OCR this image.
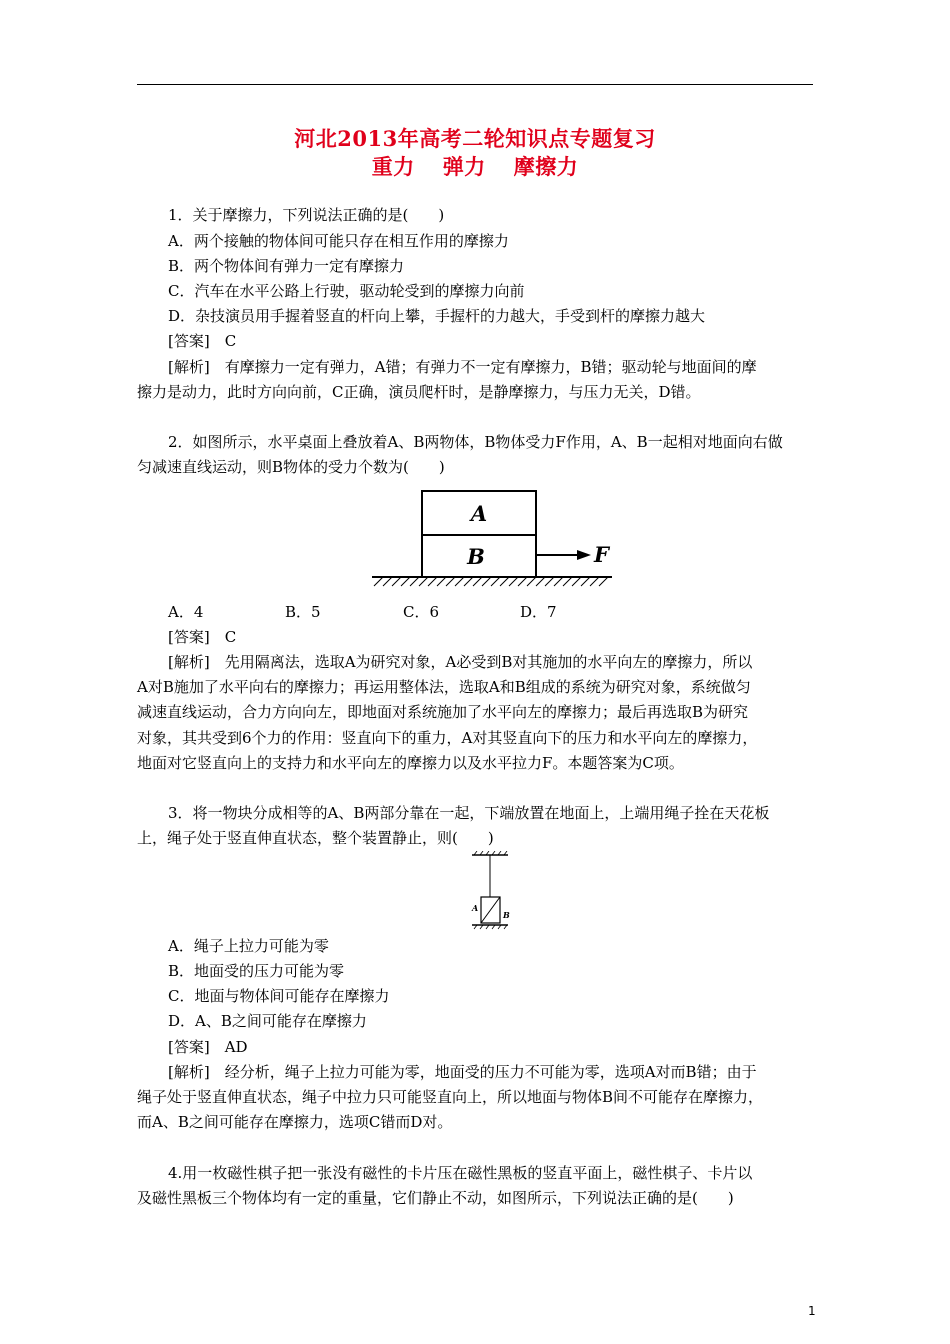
河北2013年高考二轮知识点专题复习
重力 弹力 摩擦力
1．关于摩擦力，下列说法正确的是(　　)
A．两个接触的物体间可能只存在相互作用的摩擦力
B．两个物体间有弹力一定有摩擦力
C．汽车在水平公路上行驶，驱动轮受到的摩擦力向前
D．杂技演员用手握着竖直的杆向上攀，手握杆的力越大，手受到杆的摩擦力越大
[答案]　C
[解析]　有摩擦力一定有弹力，A错；有弹力不一定有摩擦力，B错；驱动轮与地面间的摩
擦力是动力，此时方向向前，C正确，演员爬杆时，是静摩擦力，与压力无关，D错。
2．如图所示，水平桌面上叠放着A、B两物体，B物体受力F作用，A、B一起相对地面向右做
匀减速直线运动，则B物体的受力个数为(　　)
A
B	F
A．4	B．5	C．6	D．7
[答案]　C
[解析]　先用隔离法，选取A为研究对象，A必受到B对其施加的水平向左的摩擦力，所以
A对B施加了水平向右的摩擦力；再运用整体法，选取A和B组成的系统为研究对象，系统做匀
减速直线运动，合力方向向左，即地面对系统施加了水平向左的摩擦力；最后再选取B为研究
对象，其共受到6个力的作用：竖直向下的重力，A对其竖直向下的压力和水平向左的摩擦力，
地面对它竖直向上的支持力和水平向左的摩擦力以及水平拉力F。本题答案为C项。
3．将一物块分成相等的A、B两部分靠在一起，下端放置在地面上，上端用绳子拴在天花板
上，绳子处于竖直伸直状态，整个装置静止，则(　　)
A
B
A．绳子上拉力可能为零
B．地面受的压力可能为零
C．地面与物体间可能存在摩擦力
D．A、B之间可能存在摩擦力
[答案]　AD
[解析]　经分析，绳子上拉力可能为零，地面受的压力不可能为零，选项A对而B错；由于
绳子处于竖直伸直状态，绳子中拉力只可能竖直向上，所以地面与物体B间不可能存在摩擦力，
而A、B之间可能存在摩擦力，选项C错而D对。
4.用一枚磁性棋子把一张没有磁性的卡片压在磁性黑板的竖直平面上，磁性棋子、卡片以
及磁性黑板三个物体均有一定的重量，它们静止不动，如图所示，下列说法正确的是(　　)
1
